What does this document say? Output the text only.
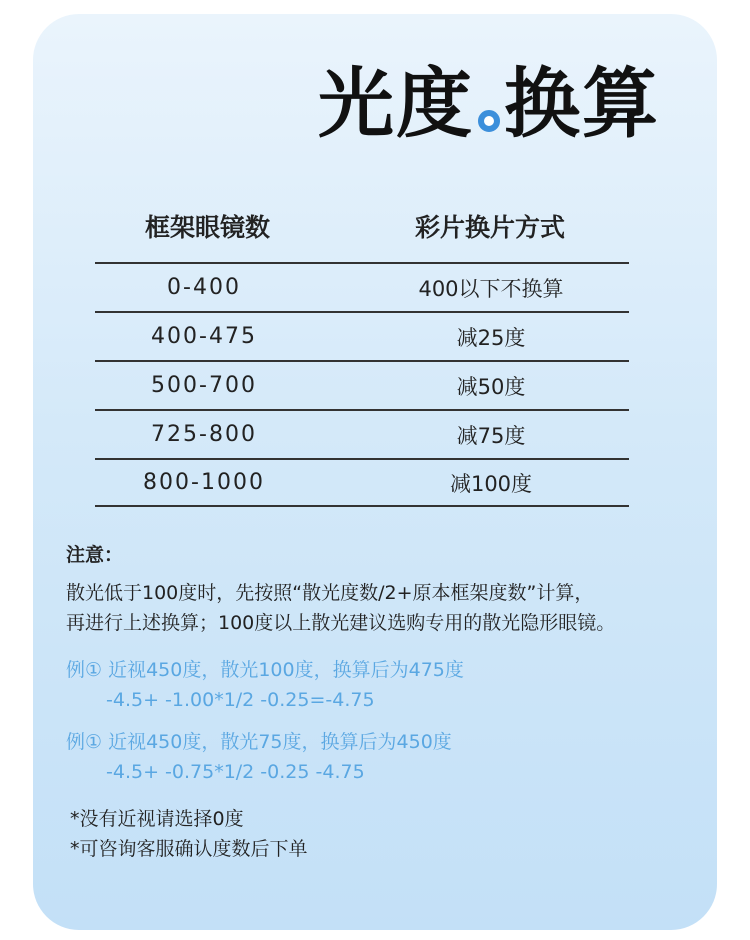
光度 换算
框架眼镜数	彩片换片方式
0-400	400以下不换算
400-475	减25度
500-700	减50度
725-800	减75度
800-1000	减100度
注意：
散光低于100度时，先按照“散光度数/2+原本框架度数”计算，
再进行上述换算；100度以上散光建议选购专用的散光隐形眼镜。
例① 近视450度，散光100度，换算后为475度
-4.5+ -1.00*1/2 -0.25=-4.75
例① 近视450度，散光75度，换算后为450度
-4.5+ -0.75*1/2 -0.25 -4.75
*没有近视请选择0度
*可咨询客服确认度数后下单
